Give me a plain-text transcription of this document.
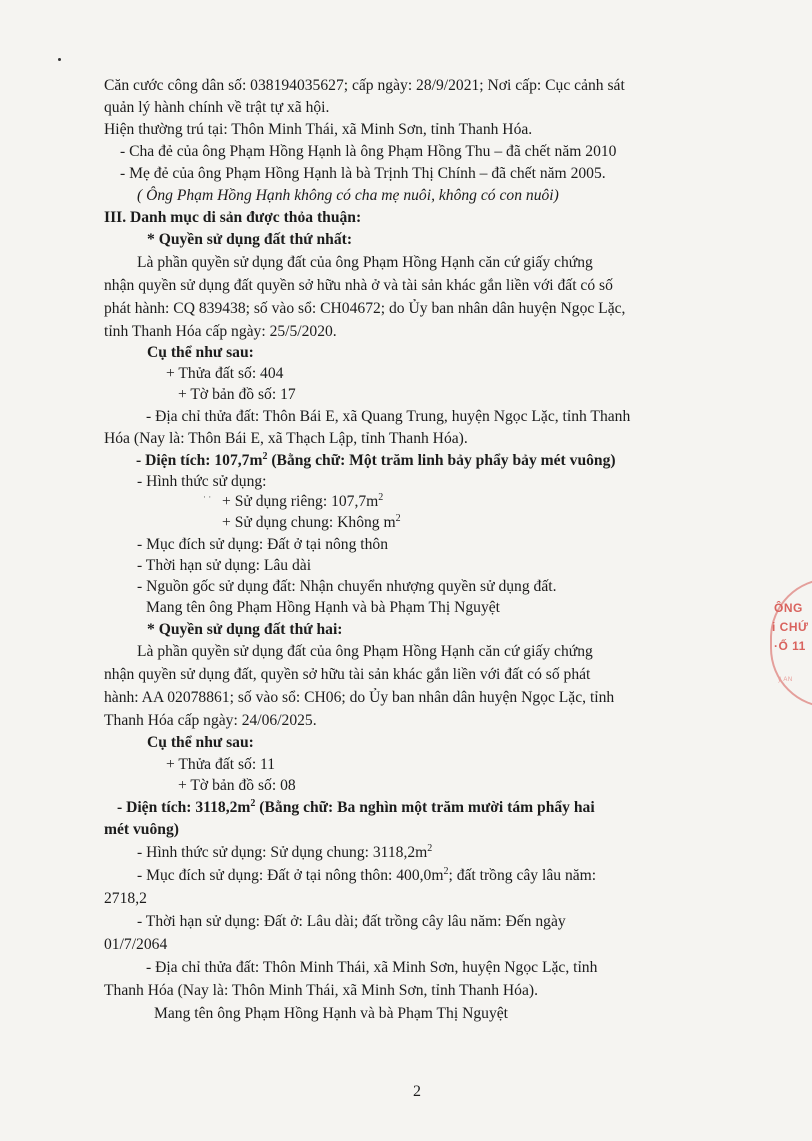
Căn cước công dân số: 038194035627; cấp ngày: 28/9/2021; Nơi cấp: Cục cảnh sát
quản lý hành chính về trật tự xã hội.
Hiện thường trú tại: Thôn Minh Thái, xã Minh Sơn, tỉnh Thanh Hóa.
- Cha đẻ của ông Phạm Hồng Hạnh là ông Phạm Hồng Thu – đã chết năm 2010
- Mẹ đẻ của ông Phạm Hồng Hạnh là bà Trịnh Thị Chính – đã chết năm 2005.
( Ông Phạm Hồng Hạnh không có cha mẹ nuôi, không có con nuôi)
III. Danh mục di sản được thỏa thuận:
* Quyền sử dụng đất thứ nhất:
Là phần quyền sử dụng đất của ông Phạm Hồng Hạnh căn cứ giấy chứng
nhận quyền sử dụng đất quyền sở hữu nhà ở và tài sản khác gắn liền với đất có số
phát hành: CQ 839438; số vào sổ: CH04672; do Ủy ban nhân dân huyện Ngọc Lặc,
tỉnh Thanh Hóa cấp ngày: 25/5/2020.
Cụ thể như sau:
+ Thửa đất số: 404
+ Tờ bản đồ số: 17
- Địa chỉ thửa đất: Thôn Bái E, xã Quang Trung, huyện Ngọc Lặc, tỉnh Thanh
Hóa (Nay là: Thôn Bái E, xã Thạch Lập, tỉnh Thanh Hóa).
- Diện tích: $107,7m^2$ (Bằng chữ: Một trăm linh bảy phẩy bảy mét vuông)
- Hình thức sử dụng:
· · + Sử dụng riêng: $107,7m^2$
+ Sử dụng chung: Không $m^2$
- Mục đích sử dụng: Đất ở tại nông thôn
- Thời hạn sử dụng: Lâu dài
- Nguồn gốc sử dụng đất: Nhận chuyển nhượng quyền sử dụng đất.
Mang tên ông Phạm Hồng Hạnh và bà Phạm Thị Nguyệt
* Quyền sử dụng đất thứ hai:
Là phần quyền sử dụng đất của ông Phạm Hồng Hạnh căn cứ giấy chứng
nhận quyền sử dụng đất, quyền sở hữu tài sản khác gắn liền với đất có số phát
hành: AA 02078861; số vào sổ: CH06; do Ủy ban nhân dân huyện Ngọc Lặc, tỉnh
Thanh Hóa cấp ngày: 24/06/2025.
Cụ thể như sau:
+ Thửa đất số: 11
+ Tờ bản đồ số: 08
- Diện tích: $3118,2m^2$ (Bằng chữ: Ba nghìn một trăm mười tám phẩy hai
mét vuông)
- Hình thức sử dụng: Sử dụng chung: $3118,2m^2$
- Mục đích sử dụng: Đất ở tại nông thôn: $400,0m^2$; đất trồng cây lâu năm:
2718,2
- Thời hạn sử dụng: Đất ở: Lâu dài; đất trồng cây lâu năm: Đến ngày
01/7/2064
- Địa chỉ thửa đất: Thôn Minh Thái, xã Minh Sơn, huyện Ngọc Lặc, tỉnh
Thanh Hóa (Nay là: Thôn Minh Thái, xã Minh Sơn, tỉnh Thanh Hóa).
Mang tên ông Phạm Hồng Hạnh và bà Phạm Thị Nguyệt
2
ÔNG
i CHỨ
·Ố 11
ỹ AN
